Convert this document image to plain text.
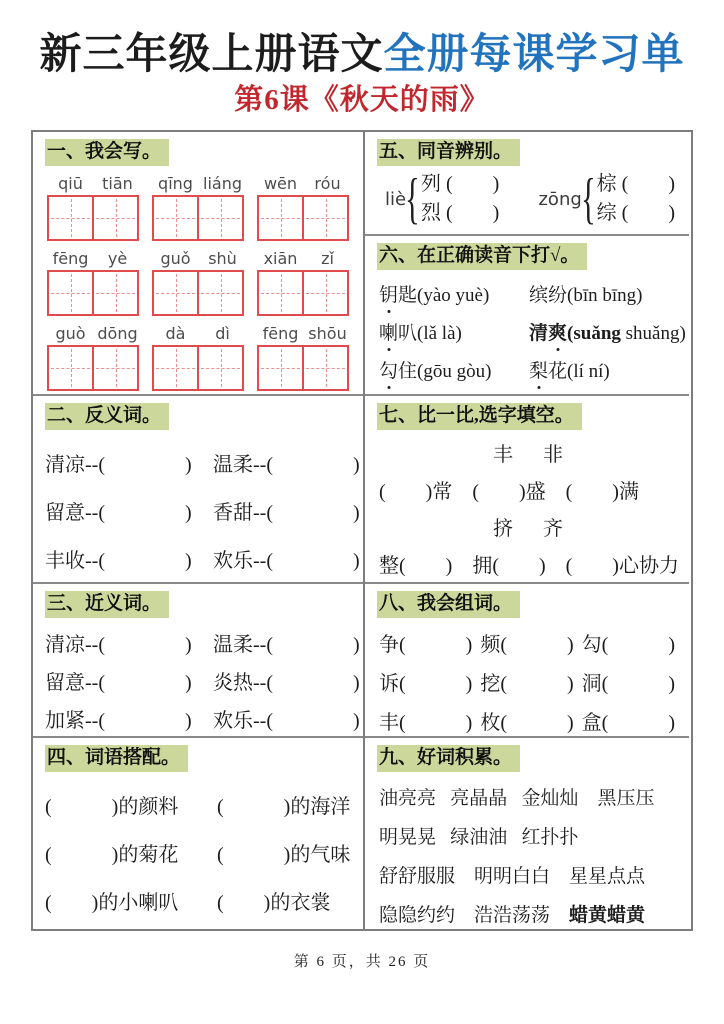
新三年级上册语文全册每课学习单
第6课《秋天的雨》
一、我会写。
qiū	tiān	qīng liáng	wēn	róu
fēng	yè	guǒ	shù	xiān	zǐ
guò dōng	dà	dì	fēng shōu
二、反义词。
清凉--(                )	温柔--(                )
留意--(                )	香甜--(                )
丰收--(                )	欢乐--(                )
三、近义词。
清凉--(                )	温柔--(                )
留意--(                )	炎热--(                )
加紧--(                )	欢乐--(                )
四、词语搭配。
(            )的颜料	(            )的海洋
(            )的菊花	(            )的气味
(        )的小喇叭	(        )的衣裳
五、同音辨别。
liè { 列 (        )
烈 (        )
zōng { 棕 (        )
综 (        )
六、在正确读音下打√。
钥匙(yào yuè)	缤纷(bīn bīng)
喇叭(lǎ là)	清爽(suǎng shuǎng)
勾住(gōu gòu)	梨花(lí ní)
七、比一比,选字填空。
丰      非
(        )常    (        )盛    (        )满
挤      齐
整(        )    拥(        )    (        )心协力
八、我会组词。
争(            ) 频(            ) 勾(            )
诉(            ) 挖(            ) 洞(            )
丰(            ) 枚(            ) 盒(            )
九、好词积累。
油亮亮   亮晶晶   金灿灿    黑压压
明晃晃   绿油油   红扑扑
舒舒服服    明明白白    星星点点
隐隐约约    浩浩荡荡    蜡黄蜡黄
第 6 页，共 26 页
